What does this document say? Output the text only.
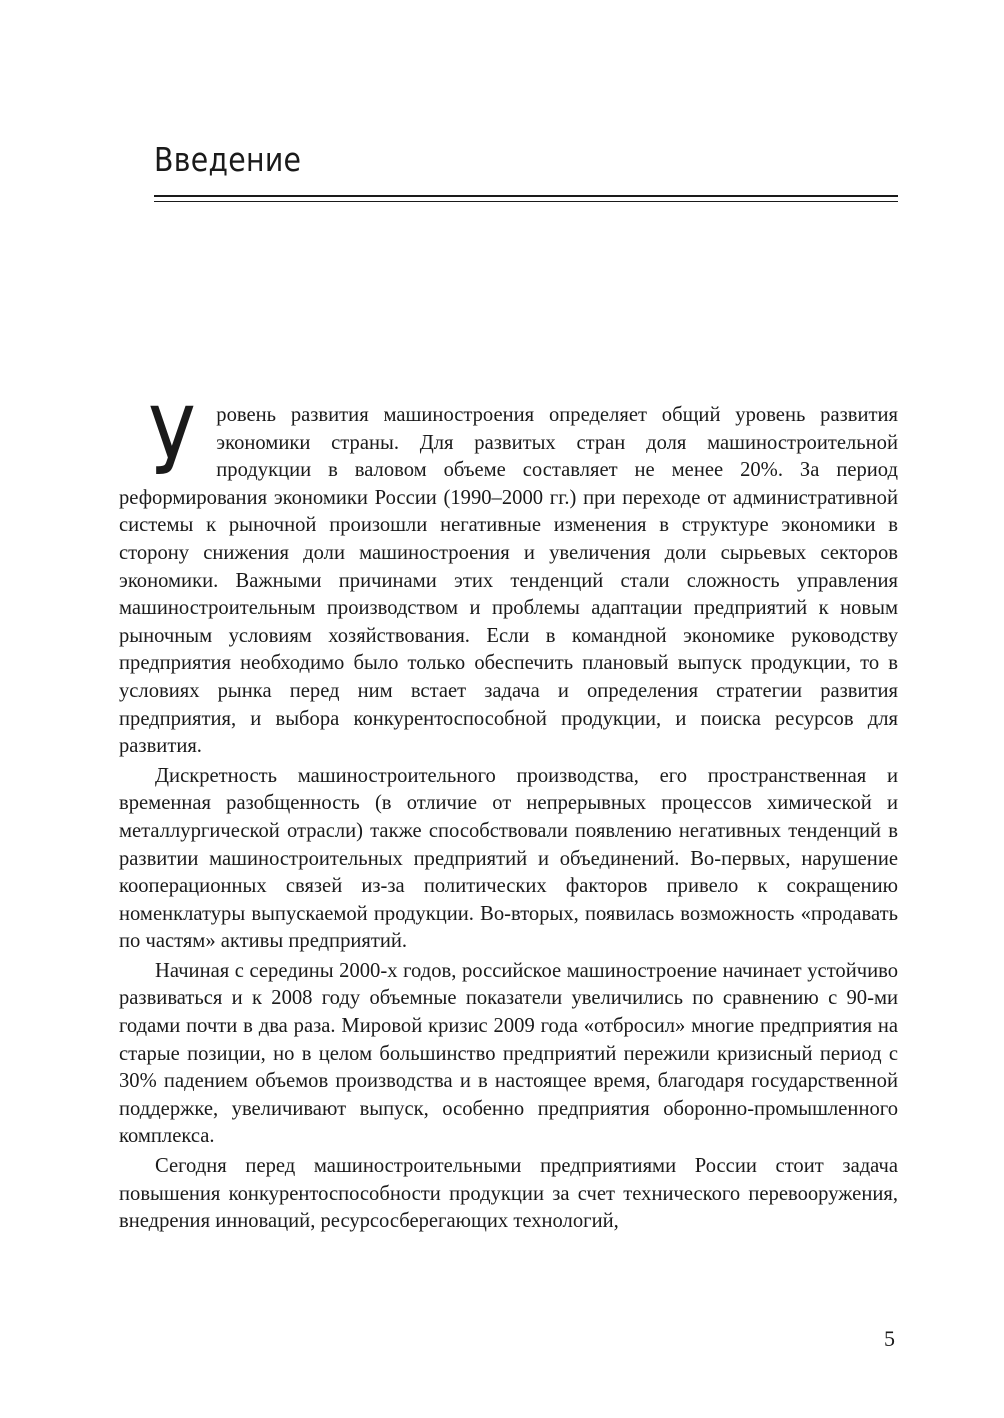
Введение

У ровень развития машиностроения определяет общий уровень развития экономики страны. Для развитых стран доля машиностроительной продукции в валовом объеме составляет не менее 20%. За период реформирования экономики России (1990–2000 гг.) при переходе от административной системы к рыночной произошли негативные изменения в структуре экономики в сторону снижения доли машиностроения и увеличения доли сырьевых секторов экономики. Важными причинами этих тенденций стали сложность управления машиностроительным производством и проблемы адаптации предприятий к новым рыночным условиям хозяйствования. Если в командной экономике руководству предприятия необходимо было только обеспечить плановый выпуск продукции, то в условиях рынка перед ним встает задача и определения стратегии развития предприятия, и выбора конкурентоспособной продукции, и поиска ресурсов для развития.

Дискретность машиностроительного производства, его пространственная и временная разобщенность (в отличие от непрерывных процессов химической и металлургической отрасли) также способствовали появлению негативных тенденций в развитии машиностроительных предприятий и объединений. Во-первых, нарушение кооперационных связей из-за политических факторов привело к сокращению номенклатуры выпускаемой продукции. Во-вторых, появилась возможность «продавать по частям» активы предприятий.

Начиная с середины 2000-х годов, российское машиностроение начинает устойчиво развиваться и к 2008 году объемные показатели увеличились по сравнению с 90-ми годами почти в два раза. Мировой кризис 2009 года «отбросил» многие предприятия на старые позиции, но в целом большинство предприятий пережили кризисный период с 30% падением объемов производства и в настоящее время, благодаря государственной поддержке, увеличивают выпуск, особенно предприятия оборонно-промышленного комплекса.

Сегодня перед машиностроительными предприятиями России стоит задача повышения конкурентоспособности продукции за счет технического перевооружения, внедрения инноваций, ресурсосберегающих технологий,

5
